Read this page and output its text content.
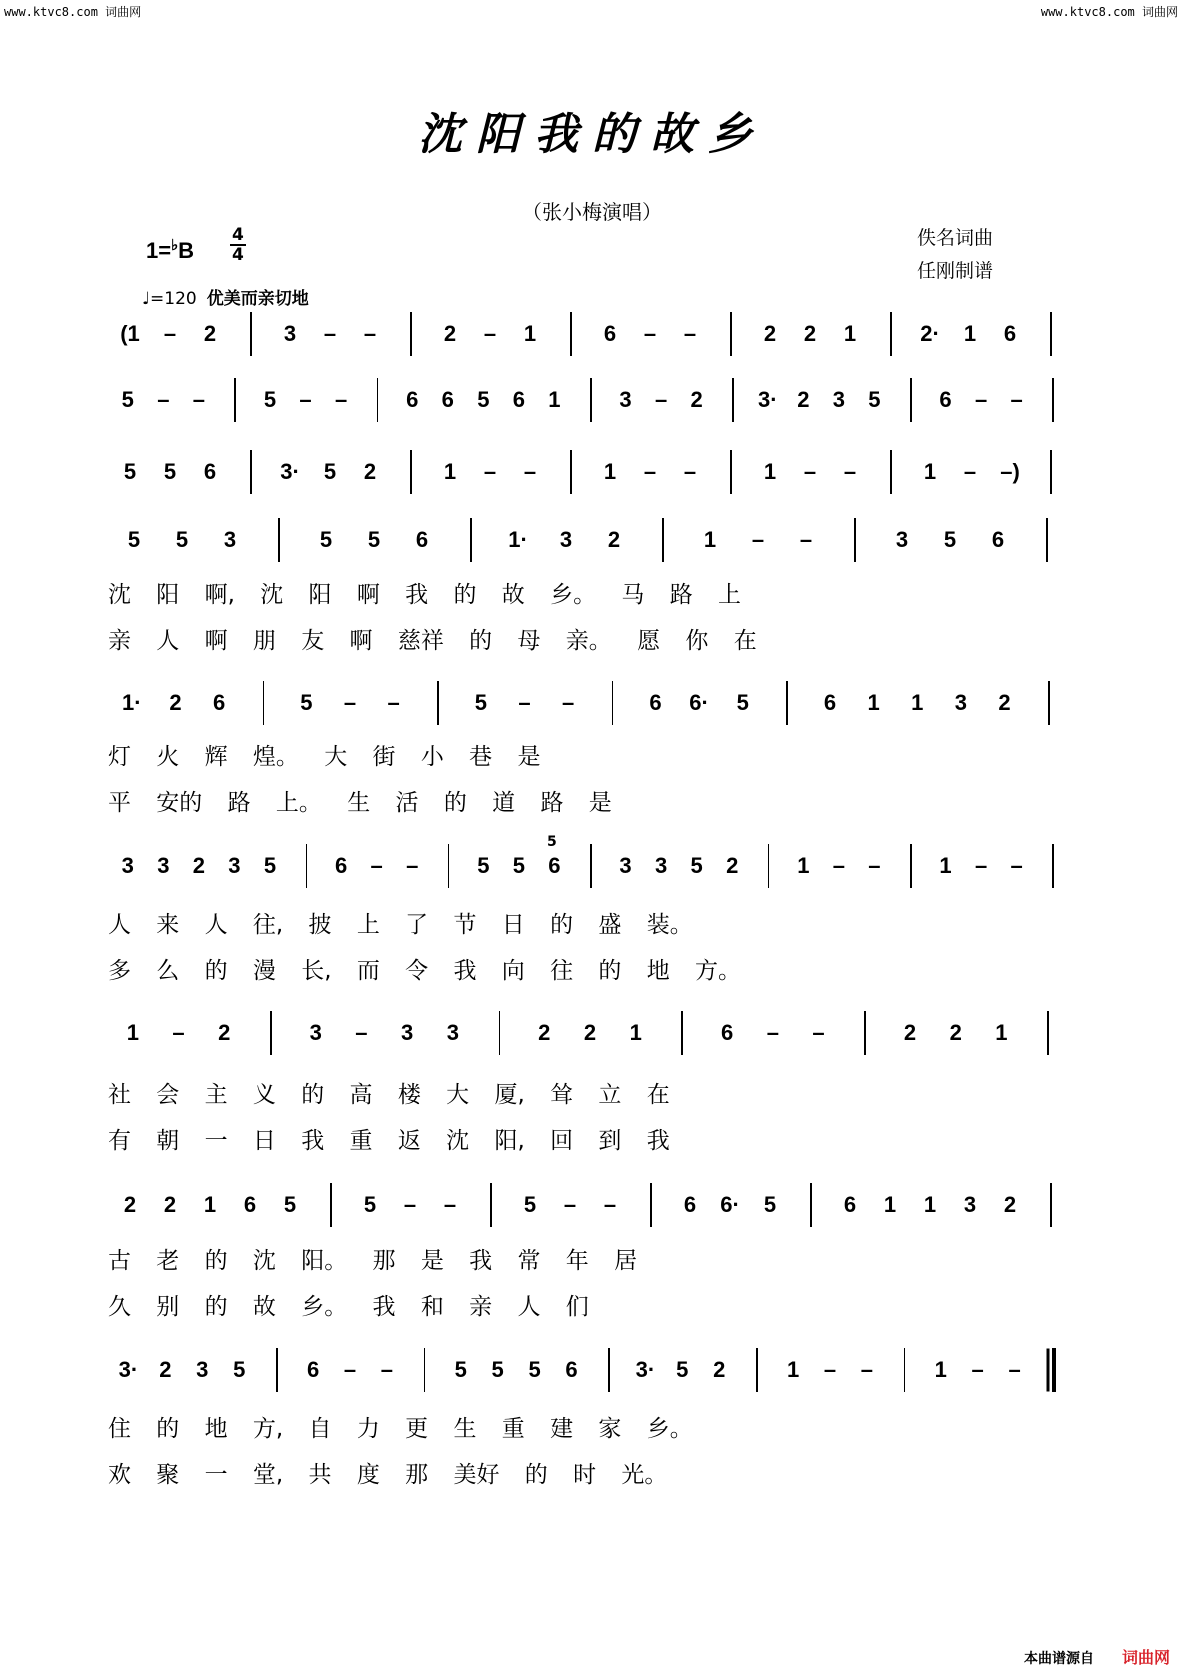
www.ktvc8.com 词曲网	www.ktvc8.com 词曲网
沈阳我的故乡
（张小梅演唱）
$1=^♭B \frac{4}{4}$
♩=120 优美而亲切地
佚名词曲
任刚制谱
(1	–	2	3	–	–	2	–	1	6	–	–	2	2	1	2·	1	6
5	–	–	5	–	–	6	6	5	6	1	3	–	2	3· 2	3	5	6	–	–
5	5	6	3·	5	2	1	–	–	1	–	–	1	–	–	1	–	–)
5	5	3	5	5	6	1·	3	2	1	–	–	3	5	6
沈 阳 啊, 沈 阳 啊 我 的 故 乡。 马 路 上
亲 人 啊 朋 友 啊 慈祥 的 母 亲。 愿 你 在
1·	2	6	5	–	–	5	–	–	6	6·	5	6	1	1	3	2
灯 火 辉 煌。 大 街 小 巷 是
平 安的 路 上。 生 活 的 道 路 是
3	3	2	3	5	6	–	–	5	5	6	3	3	5	2	1	–	–	1	–	–
人 来 人 往, 披 上 了 节 日 的 盛 装。
多 么 的 漫 长, 而 令 我 向 往 的 地 方。
1	–	2	3	–	3	3	2	2	1	6	–	–	2	2	1
社 会 主 义 的 高 楼 大 厦, 耸 立 在
有 朝 一 日 我 重 返 沈 阳, 回 到 我
2	2	1	6	5	5	–	–	5	–	–	6	6·	5	6	1	1	3	2
古 老 的 沈 阳。 那 是 我 常 年 居
久 别 的 故 乡。 我 和 亲 人 们
3· 2	3	5	6	–	–	5	5	5	6	3· 5	2	1	–	–	1	–	–
住 的 地 方, 自 力 更 生 重 建 家 乡。
欢 聚 一 堂, 共 度 那 美好 的 时 光。
5
本曲谱源自 词曲网
